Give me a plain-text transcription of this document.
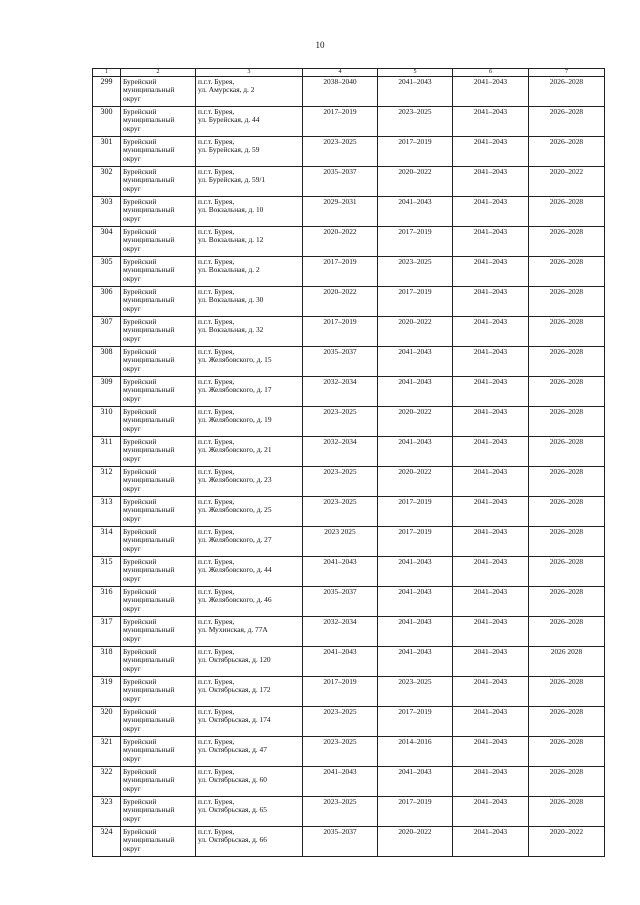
10
1	2	3	4	5	6	7
299	Бурейский муниципальный округ	п.г.т. Бурея,
ул. Амурская, д. 2	2038–2040	2041–2043	2041–2043	2026–2028
300	Бурейский муниципальный округ	п.г.т. Бурея,
ул. Бурейская, д. 44	2017–2019	2023–2025	2041–2043	2026–2028
301	Бурейский муниципальный округ	п.г.т. Бурея,
ул. Бурейская, д. 59	2023–2025	2017–2019	2041–2043	2026–2028
302	Бурейский муниципальный округ	п.г.т. Бурея,
ул. Бурейская, д. 59/1	2035–2037	2020–2022	2041–2043	2020–2022
303	Бурейский муниципальный округ	п.г.т. Бурея,
ул. Вокзальная, д. 10	2029–2031	2041–2043	2041–2043	2026–2028
304	Бурейский муниципальный округ	п.г.т. Бурея,
ул. Вокзальная, д. 12	2020–2022	2017–2019	2041–2043	2026–2028
305	Бурейский муниципальный округ	п.г.т. Бурея,
ул. Вокзальная, д. 2	2017–2019	2023–2025	2041–2043	2026–2028
306	Бурейский муниципальный округ	п.г.т. Бурея,
ул. Вокзальная, д. 30	2020–2022	2017–2019	2041–2043	2026–2028
307	Бурейский муниципальный округ	п.г.т. Бурея,
ул. Вокзальная, д. 32	2017–2019	2020–2022	2041–2043	2026–2028
308	Бурейский муниципальный округ	п.г.т. Бурея,
ул. Желябовского, д. 15	2035–2037	2041–2043	2041–2043	2026–2028
309	Бурейский муниципальный округ	п.г.т. Бурея,
ул. Желябовского, д. 17	2032–2034	2041–2043	2041–2043	2026–2028
310	Бурейский муниципальный округ	п.г.т. Бурея,
ул. Желябовского, д. 19	2023–2025	2020–2022	2041–2043	2026–2028
311	Бурейский муниципальный округ	п.г.т. Бурея,
ул. Желябовского, д. 21	2032–2034	2041–2043	2041–2043	2026–2028
312	Бурейский муниципальный округ	п.г.т. Бурея,
ул. Желябовского, д. 23	2023–2025	2020–2022	2041–2043	2026–2028
313	Бурейский муниципальный округ	п.г.т. Бурея,
ул. Желябовского, д. 25	2023–2025	2017–2019	2041–2043	2026–2028
314	Бурейский муниципальный округ	п.г.т. Бурея,
ул. Желябовского, д. 27	2023 2025	2017–2019	2041–2043	2026–2028
315	Бурейский муниципальный округ	п.г.т. Бурея,
ул. Желябовского, д. 44	2041–2043	2041–2043	2041–2043	2026–2028
316	Бурейский муниципальный округ	п.г.т. Бурея,
ул. Желябовского, д. 46	2035–2037	2041–2043	2041–2043	2026–2028
317	Бурейский муниципальный округ	п.г.т. Бурея,
ул. Мухинская, д. 77А	2032–2034	2041–2043	2041–2043	2026–2028
318	Бурейский муниципальный округ	п.г.т. Бурея,
ул. Октябрьская, д. 120	2041–2043	2041–2043	2041–2043	2026 2028
319	Бурейский муниципальный округ	п.г.т. Бурея,
ул. Октябрьская, д. 172	2017–2019	2023–2025	2041–2043	2026–2028
320	Бурейский муниципальный округ	п.г.т. Бурея,
ул. Октябрьская, д. 174	2023–2025	2017–2019	2041–2043	2026–2028
321	Бурейский муниципальный округ	п.г.т. Бурея,
ул. Октябрьская, д. 47	2023–2025	2014–2016	2041–2043	2026–2028
322	Бурейский муниципальный округ	п.г.т. Бурея,
ул. Октябрьская, д. 60	2041–2043	2041–2043	2041–2043	2026–2028
323	Бурейский муниципальный округ	п.г.т. Бурея,
ул. Октябрьская, д. 65	2023–2025	2017–2019	2041–2043	2026–2028
324	Бурейский муниципальный округ	п.г.т. Бурея,
ул. Октябрьская, д. 66	2035–2037	2020–2022	2041–2043	2020–2022
